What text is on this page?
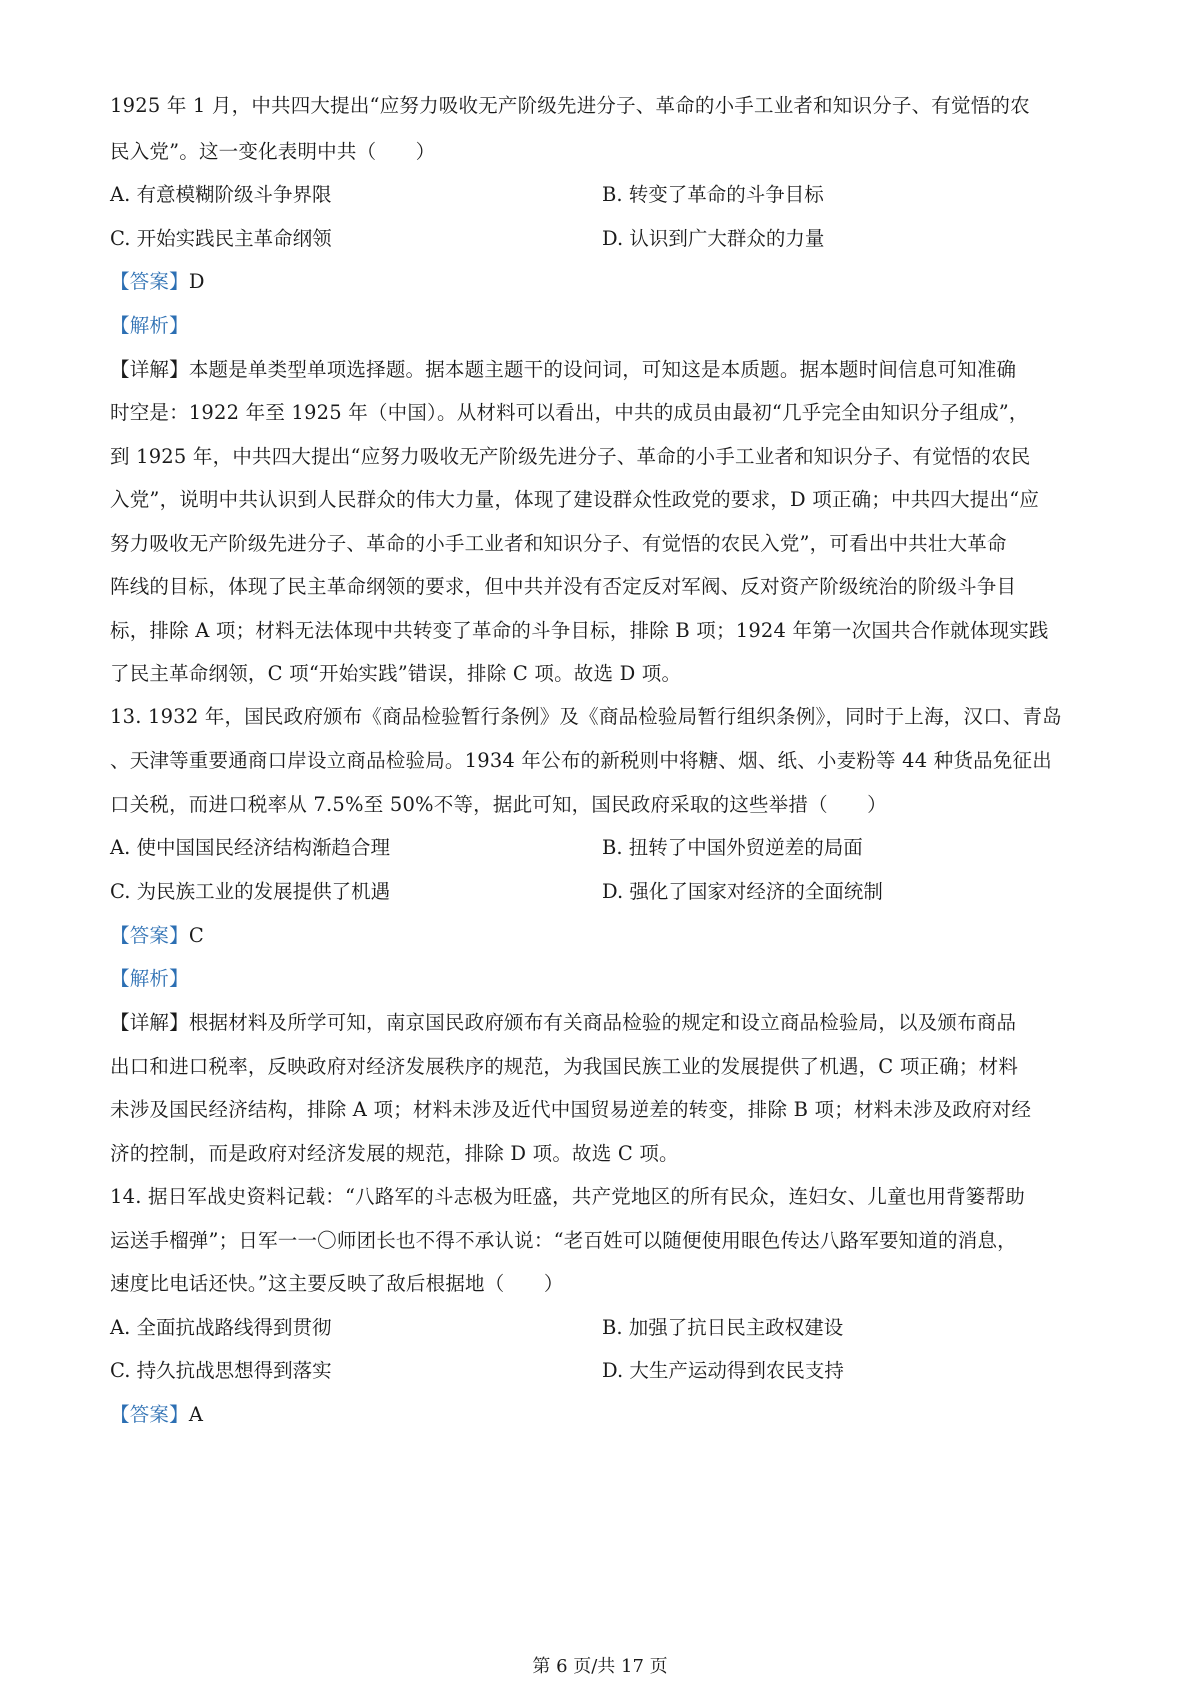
1925 年 1 月，中共四大提出“应努力吸收无产阶级先进分子、革命的小手工业者和知识分子、有觉悟的农
民入党”。这一变化表明中共（　　）
A. 有意模糊阶级斗争界限	B. 转变了革命的斗争目标
C. 开始实践民主革命纲领	D. 认识到广大群众的力量
【答案】D
【解析】
【详解】本题是单类型单项选择题。据本题主题干的设问词，可知这是本质题。据本题时间信息可知准确
时空是：1922 年至 1925 年（中国）。从材料可以看出，中共的成员由最初“几乎完全由知识分子组成”，
到 1925 年，中共四大提出“应努力吸收无产阶级先进分子、革命的小手工业者和知识分子、有觉悟的农民
入党”，说明中共认识到人民群众的伟大力量，体现了建设群众性政党的要求，D 项正确；中共四大提出“应
努力吸收无产阶级先进分子、革命的小手工业者和知识分子、有觉悟的农民入党”，可看出中共壮大革命
阵线的目标，体现了民主革命纲领的要求，但中共并没有否定反对军阀、反对资产阶级统治的阶级斗争目
标，排除 A 项；材料无法体现中共转变了革命的斗争目标，排除 B 项；1924 年第一次国共合作就体现实践
了民主革命纲领，C 项“开始实践”错误，排除 C 项。故选 D 项。
13. 1932 年，国民政府颁布《商品检验暂行条例》及《商品检验局暂行组织条例》，同时于上海，汉口、青岛
、天津等重要通商口岸设立商品检验局。1934 年公布的新税则中将糖、烟、纸、小麦粉等 44 种货品免征出
口关税，而进口税率从 7.5%至 50%不等，据此可知，国民政府采取的这些举措（　　）
A. 使中国国民经济结构渐趋合理	B. 扭转了中国外贸逆差的局面
C. 为民族工业的发展提供了机遇	D. 强化了国家对经济的全面统制
【答案】C
【解析】
【详解】根据材料及所学可知，南京国民政府颁布有关商品检验的规定和设立商品检验局，以及颁布商品
出口和进口税率，反映政府对经济发展秩序的规范，为我国民族工业的发展提供了机遇，C 项正确；材料
未涉及国民经济结构，排除 A 项；材料未涉及近代中国贸易逆差的转变，排除 B 项；材料未涉及政府对经
济的控制，而是政府对经济发展的规范，排除 D 项。故选 C 项。
14. 据日军战史资料记载：“八路军的斗志极为旺盛，共产党地区的所有民众，连妇女、儿童也用背篓帮助
运送手榴弹”；日军一一〇师团长也不得不承认说：“老百姓可以随便使用眼色传达八路军要知道的消息，
速度比电话还快。”这主要反映了敌后根据地（　　）
A. 全面抗战路线得到贯彻	B. 加强了抗日民主政权建设
C. 持久抗战思想得到落实	D. 大生产运动得到农民支持
【答案】A
第 6 页/共 17 页
